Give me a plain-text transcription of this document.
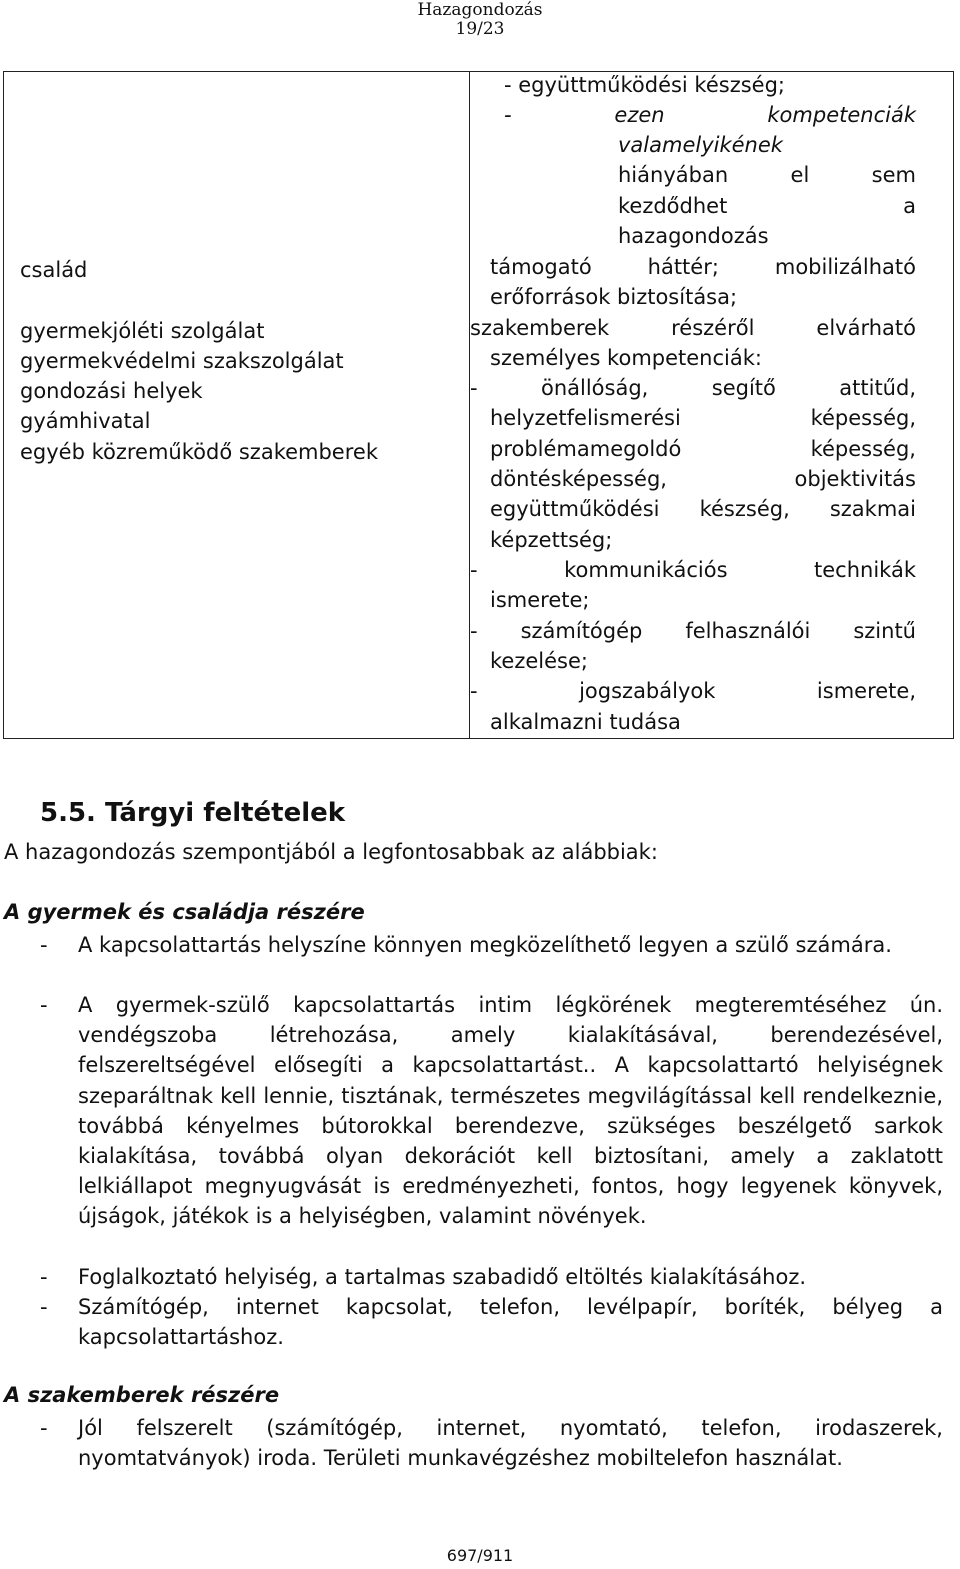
Hazagondozás
19/23
család
gyermekjóléti szolgálat
gyermekvédelmi szakszolgálat
gondozási helyek
gyámhivatal
egyéb közreműködő szakemberek
- együttműködési készség;
- ezen kompetenciák
valamelyikének
hiányában el sem
kezdődhet a
hazagondozás
támogató háttér; mobilizálható
erőforrások biztosítása;
szakemberek részéről elvárható
személyes kompetenciák:
- önállóság, segítő attitűd,
helyzetfelismerési képesség,
problémamegoldó képesség,
döntésképesség, objektivitás
együttműködési készség, szakmai
képzettség;
- kommunikációs technikák
ismerete;
- számítógép felhasználói szintű
kezelése;
- jogszabályok ismerete,
alkalmazni tudása
5.5. Tárgyi feltételek
A hazagondozás szempontjából a legfontosabbak az alábbiak:
A gyermek és családja részére
- A kapcsolattartás helyszíne könnyen megközelíthető legyen a szülő számára.
- A gyermek-szülő kapcsolattartás intim légkörének megteremtéséhez ún. vendégszoba létrehozása, amely kialakításával, berendezésével, felszereltségével elősegíti a kapcsolattartást.. A kapcsolattartó helyiségnek szeparáltnak kell lennie, tisztának, természetes megvilágítással kell rendelkeznie, továbbá kényelmes bútorokkal berendezve, szükséges beszélgető sarkok kialakítása, továbbá olyan dekorációt kell biztosítani, amely a zaklatott lelkiállapot megnyugvását is eredményezheti, fontos, hogy legyenek könyvek, újságok, játékok is a helyiségben, valamint növények.
- Foglalkoztató helyiség, a tartalmas szabadidő eltöltés kialakításához.
- Számítógép, internet kapcsolat, telefon, levélpapír, boríték, bélyeg a kapcsolattartáshoz.
A szakemberek részére
- Jól felszerelt (számítógép, internet, nyomtató, telefon, irodaszerek, nyomtatványok) iroda. Területi munkavégzéshez mobiltelefon használat.
697/911
